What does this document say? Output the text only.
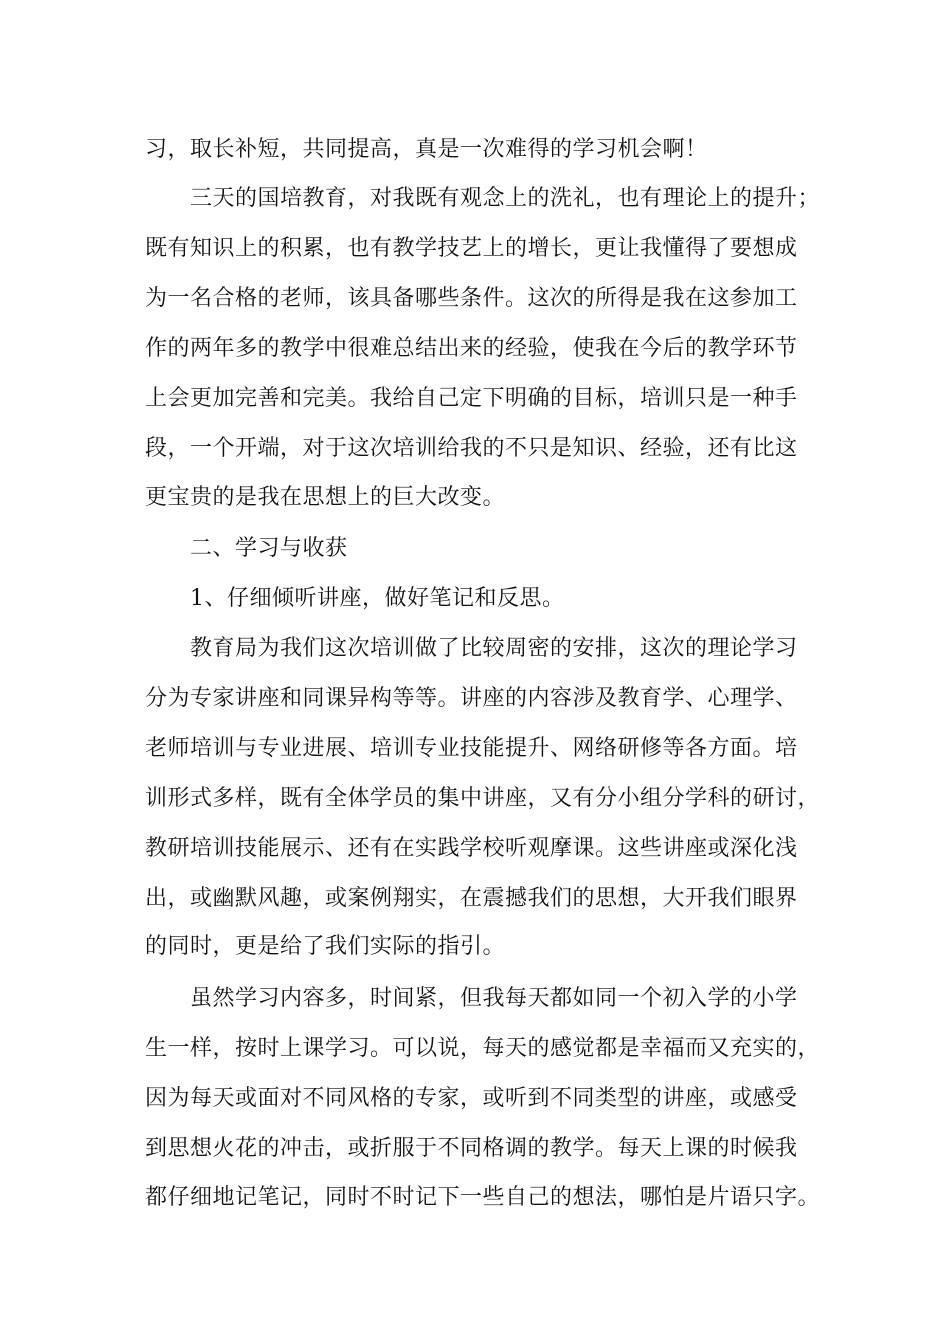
习，取长补短，共同提高，真是一次难得的学习机会啊！
三天的国培教育，对我既有观念上的洗礼，也有理论上的提升；
既有知识上的积累，也有教学技艺上的增长，更让我懂得了要想成
为一名合格的老师，该具备哪些条件。这次的所得是我在这参加工
作的两年多的教学中很难总结出来的经验，使我在今后的教学环节
上会更加完善和完美。我给自己定下明确的目标，培训只是一种手
段，一个开端，对于这次培训给我的不只是知识、经验，还有比这
更宝贵的是我在思想上的巨大改变。
二、学习与收获
1、仔细倾听讲座，做好笔记和反思。
教育局为我们这次培训做了比较周密的安排，这次的理论学习
分为专家讲座和同课异构等等。讲座的内容涉及教育学、心理学、
老师培训与专业进展、培训专业技能提升、网络研修等各方面。培
训形式多样，既有全体学员的集中讲座，又有分小组分学科的研讨，
教研培训技能展示、还有在实践学校听观摩课。这些讲座或深化浅
出，或幽默风趣，或案例翔实，在震撼我们的思想，大开我们眼界
的同时，更是给了我们实际的指引。
虽然学习内容多，时间紧，但我每天都如同一个初入学的小学
生一样，按时上课学习。可以说，每天的感觉都是幸福而又充实的，
因为每天或面对不同风格的专家，或听到不同类型的讲座，或感受
到思想火花的冲击，或折服于不同格调的教学。每天上课的时候我
都仔细地记笔记，同时不时记下一些自己的想法，哪怕是片语只字。
